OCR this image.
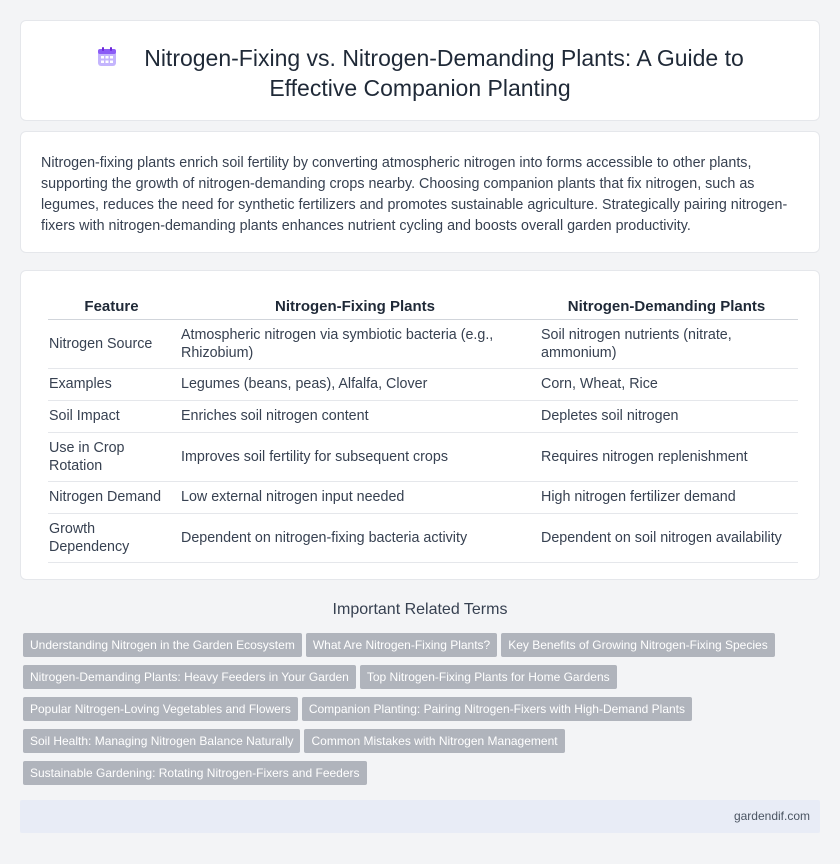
Nitrogen-Fixing vs. Nitrogen-Demanding Plants: A Guide to
Effective Companion Planting

Nitrogen-fixing plants enrich soil fertility by converting atmospheric nitrogen into forms accessible to other plants, supporting the growth of nitrogen-demanding crops nearby. Choosing companion plants that fix nitrogen, such as legumes, reduces the need for synthetic fertilizers and promotes sustainable agriculture. Strategically pairing nitrogen-fixers with nitrogen-demanding plants enhances nutrient cycling and boosts overall garden productivity.

Feature	Nitrogen-Fixing Plants	Nitrogen-Demanding Plants
Nitrogen Source	Atmospheric nitrogen via symbiotic bacteria (e.g., Rhizobium)	Soil nitrogen nutrients (nitrate, ammonium)
Examples	Legumes (beans, peas), Alfalfa, Clover	Corn, Wheat, Rice
Soil Impact	Enriches soil nitrogen content	Depletes soil nitrogen
Use in Crop Rotation	Improves soil fertility for subsequent crops	Requires nitrogen replenishment
Nitrogen Demand	Low external nitrogen input needed	High nitrogen fertilizer demand
Growth Dependency	Dependent on nitrogen-fixing bacteria activity	Dependent on soil nitrogen availability
Important Related Terms
Understanding Nitrogen in the Garden Ecosystem What Are Nitrogen-Fixing Plants? Key Benefits of Growing Nitrogen-Fixing Species
Nitrogen-Demanding Plants: Heavy Feeders in Your Garden Top Nitrogen-Fixing Plants for Home Gardens
Popular Nitrogen-Loving Vegetables and Flowers Companion Planting: Pairing Nitrogen-Fixers with High-Demand Plants
Soil Health: Managing Nitrogen Balance Naturally Common Mistakes with Nitrogen Management
Sustainable Gardening: Rotating Nitrogen-Fixers and Feeders
gardendif.com
